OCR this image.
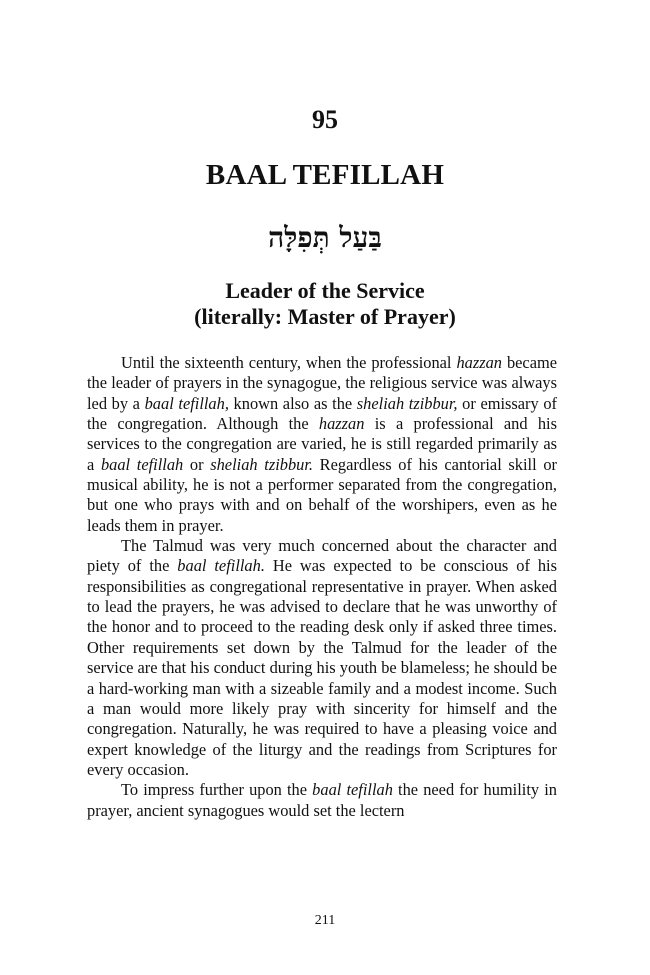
95
BAAL TEFILLAH
בַּעַל תְּפִלָּה
Leader of the Service
(literally: Master of Prayer)

Until the sixteenth century, when the professional hazzan became the leader of prayers in the synagogue, the religious service was always led by a baal tefillah, known also as the sheliah tzibbur, or emissary of the congregation. Although the hazzan is a professional and his services to the congregation are varied, he is still regarded primarily as a baal tefillah or sheliah tzibbur. Regardless of his cantorial skill or musical ability, he is not a performer separated from the congregation, but one who prays with and on behalf of the worshipers, even as he leads them in prayer.

The Talmud was very much concerned about the character and piety of the baal tefillah. He was expected to be conscious of his responsibilities as congregational representative in prayer. When asked to lead the prayers, he was advised to declare that he was unworthy of the honor and to proceed to the reading desk only if asked three times. Other requirements set down by the Talmud for the leader of the service are that his conduct during his youth be blameless; he should be a hard-working man with a sizeable family and a modest income. Such a man would more likely pray with sincerity for himself and the congregation. Naturally, he was required to have a pleasing voice and expert knowledge of the liturgy and the readings from Scriptures for every occasion.

To impress further upon the baal tefillah the need for humility in prayer, ancient synagogues would set the lectern

211
